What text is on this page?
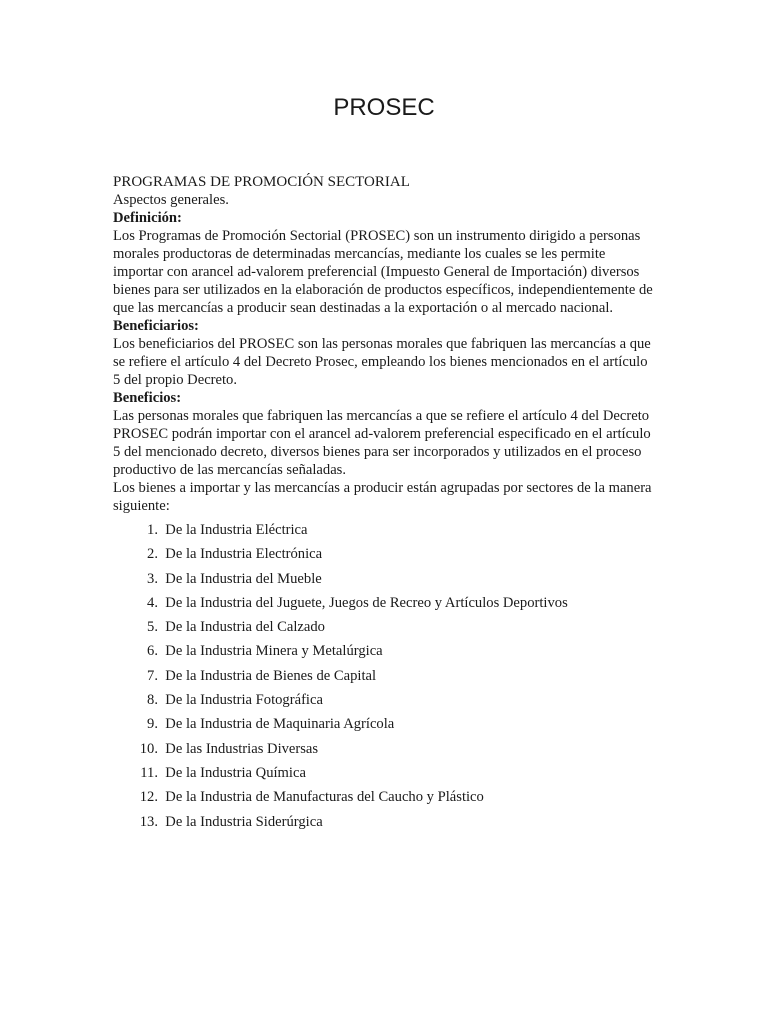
PROSEC

PROGRAMAS DE PROMOCIÓN SECTORIAL

Aspectos generales.

Definición:

Los Programas de Promoción Sectorial (PROSEC) son un instrumento dirigido a personas morales productoras de determinadas mercancías, mediante los cuales se les permite importar con arancel ad-valorem preferencial (Impuesto General de Importación) diversos bienes para ser utilizados en la elaboración de productos específicos, independientemente de que las mercancías a producir sean destinadas a la exportación o al mercado nacional.

Beneficiarios:

Los beneficiarios del PROSEC son las personas morales que fabriquen las mercancías a que se refiere el artículo 4 del Decreto Prosec, empleando los bienes mencionados en el artículo 5 del propio Decreto.

Beneficios:

Las personas morales que fabriquen las mercancías a que se refiere el artículo 4 del Decreto PROSEC podrán importar con el arancel ad-valorem preferencial especificado en el artículo 5 del mencionado decreto, diversos bienes para ser incorporados y utilizados en el proceso productivo de las mercancías señaladas.

Los bienes a importar y las mercancías a producir están agrupadas por sectores de la manera siguiente:

1.
De la Industria Eléctrica
2.
De la Industria Electrónica
3.
De la Industria del Mueble
4.
De la Industria del Juguete, Juegos de Recreo y Artículos Deportivos
5.
De la Industria del Calzado
6.
De la Industria Minera y Metalúrgica
7.
De la Industria de Bienes de Capital
8.
De la Industria Fotográfica
9.
De la Industria de Maquinaria Agrícola
10.
De las Industrias Diversas
11.
De la Industria Química
12.
De la Industria de Manufacturas del Caucho y Plástico
13.
De la Industria Siderúrgica
